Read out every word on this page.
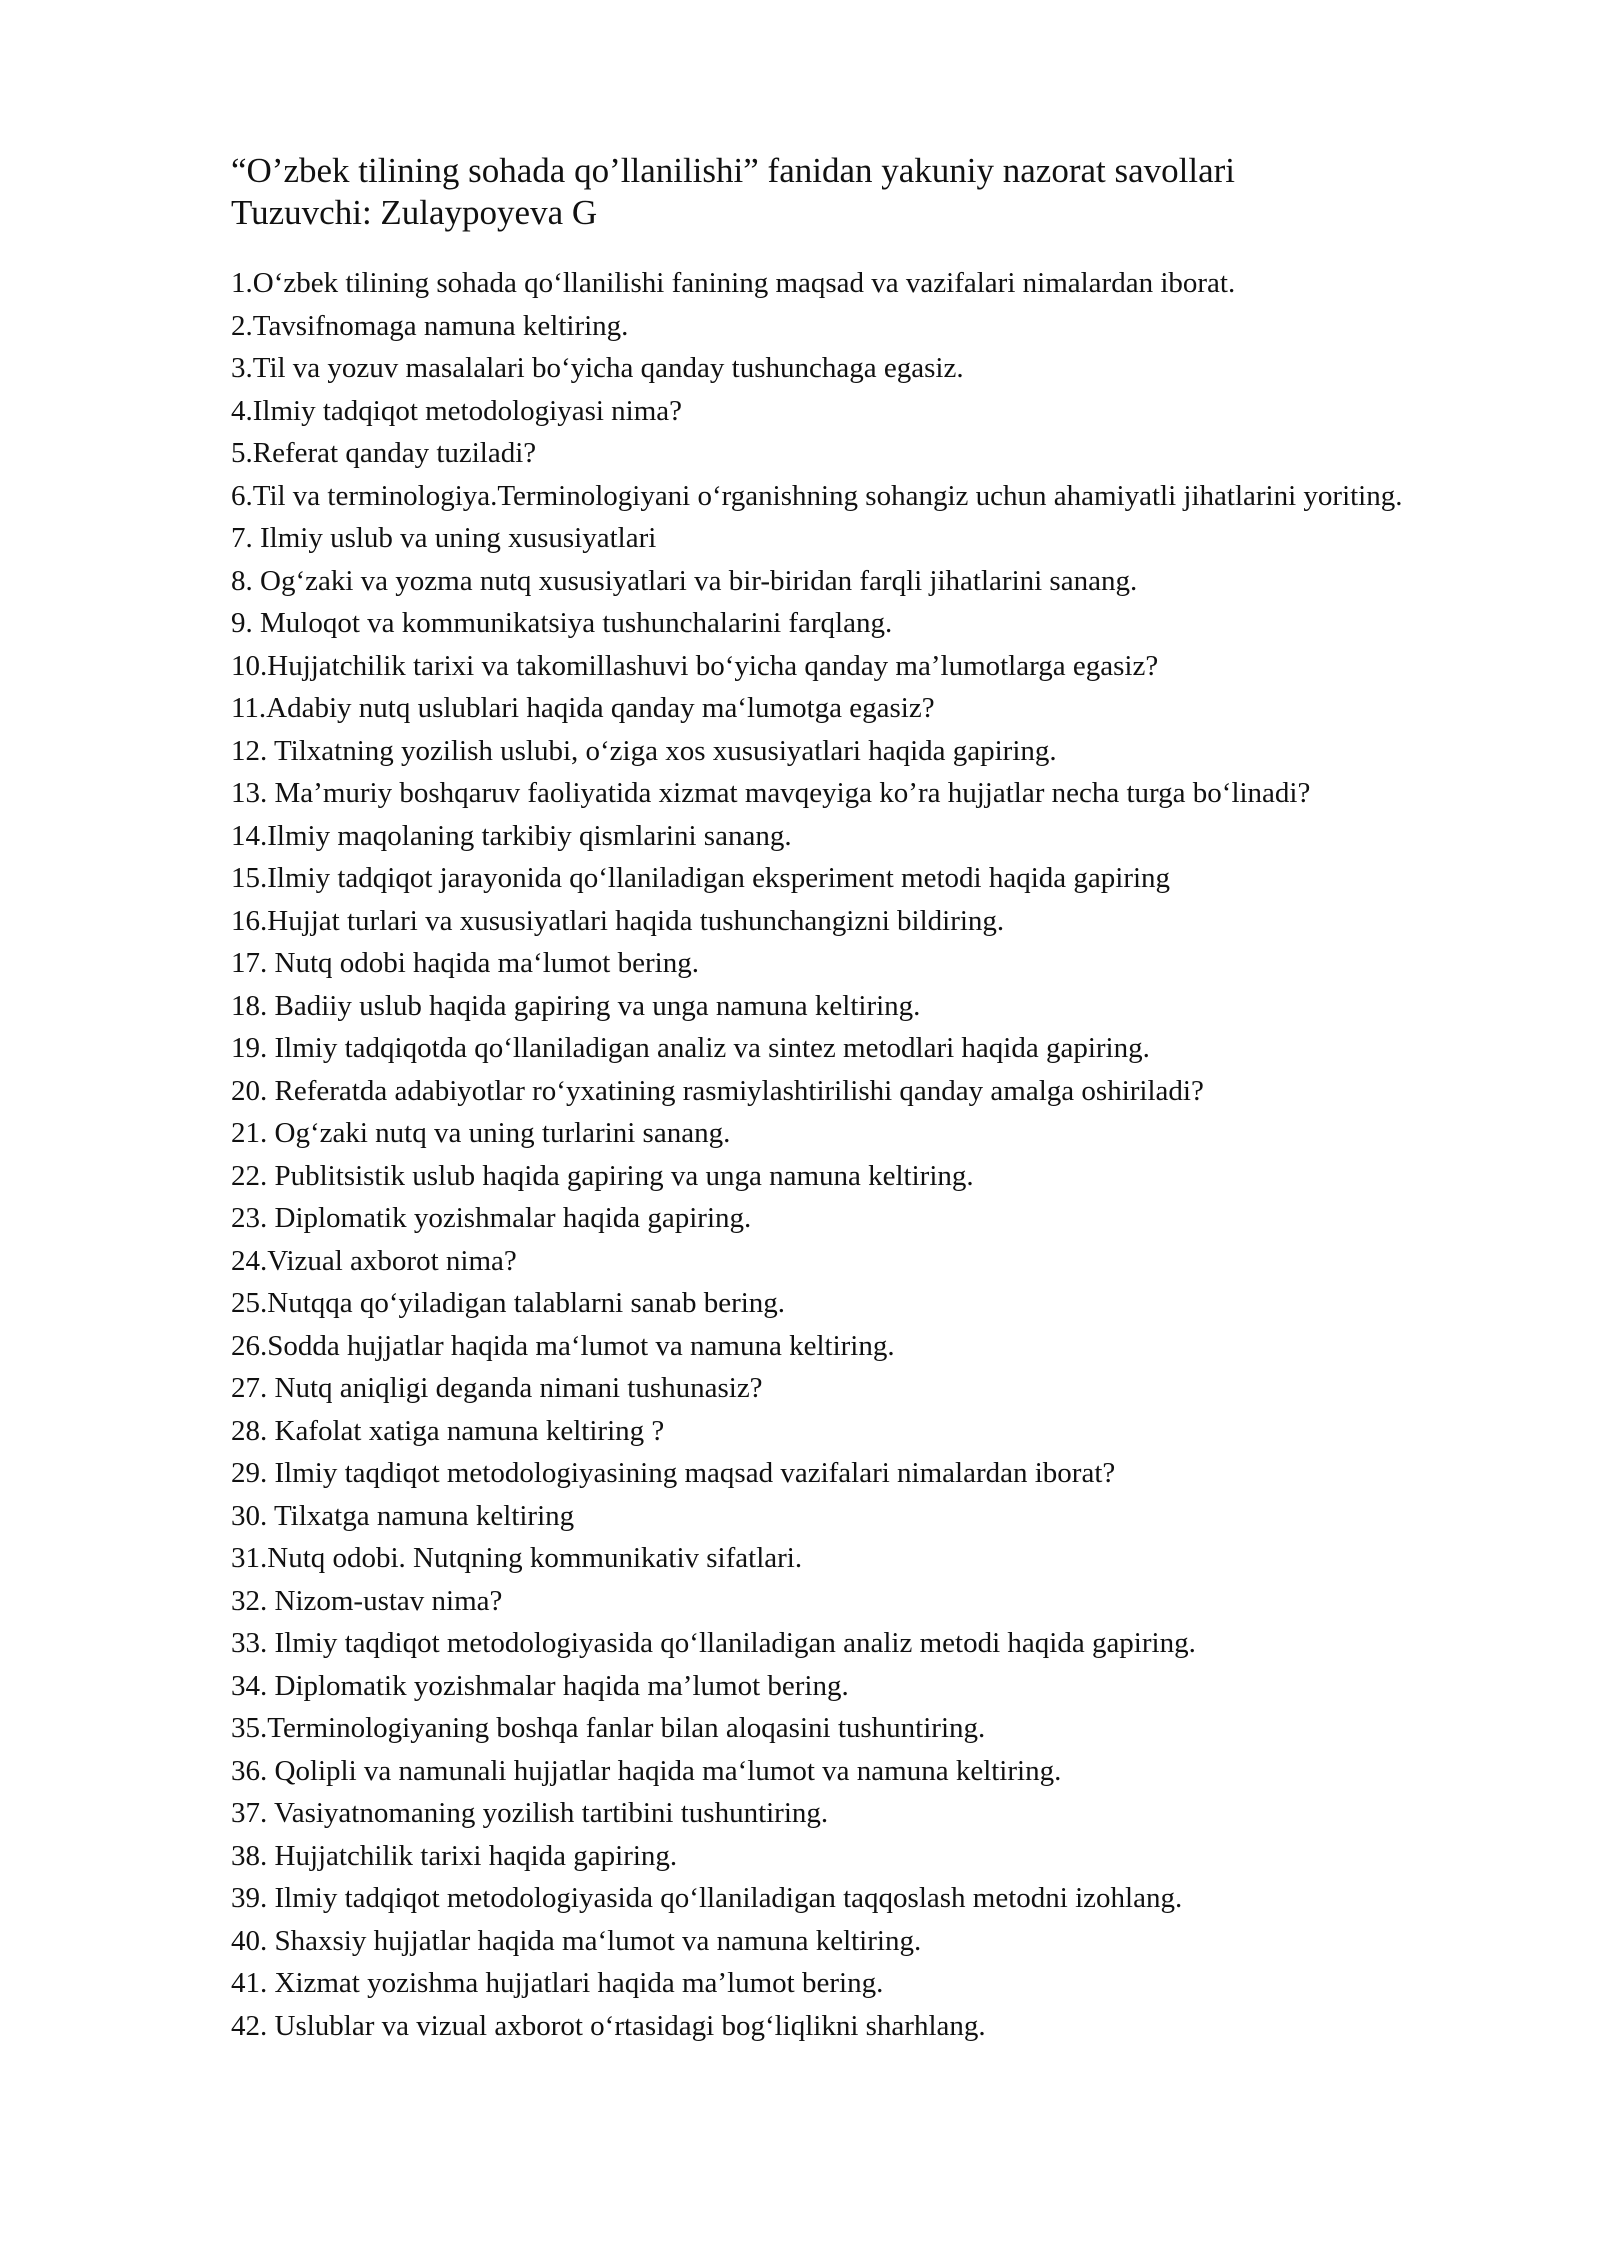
“O’zbek tilining sohada qo’llanilishi” fanidan yakuniy nazorat savollari
Tuzuvchi: Zulaypoyeva G
1.O‘zbek tilining sohada qo‘llanilishi fanining maqsad va vazifalari nimalardan iborat.
2.Tavsifnomaga namuna keltiring.
3.Til va yozuv masalalari bo‘yicha qanday tushunchaga egasiz.
4.Ilmiy tadqiqot metodologiyasi nima?
5.Referat qanday tuziladi?
6.Til va terminologiya.Terminologiyani o‘rganishning sohangiz uchun ahamiyatli jihatlarini yoriting.
7. Ilmiy uslub va uning xususiyatlari
8. Og‘zaki va yozma nutq xususiyatlari va bir-biridan farqli jihatlarini sanang.
9. Muloqot va kommunikatsiya tushunchalarini farqlang.
10.Hujjatchilik tarixi va takomillashuvi bo‘yicha qanday ma’lumotlarga egasiz?
11.Adabiy nutq uslublari haqida qanday ma‘lumotga egasiz?
12. Tilxatning yozilish uslubi, o‘ziga xos xususiyatlari haqida gapiring.
13. Ma’muriy boshqaruv faoliyatida xizmat mavqeyiga ko’ra hujjatlar necha turga bo‘linadi?
14.Ilmiy maqolaning tarkibiy qismlarini sanang.
15.Ilmiy tadqiqot jarayonida qo‘llaniladigan eksperiment metodi haqida gapiring
16.Hujjat turlari va xususiyatlari haqida tushunchangizni bildiring.
17. Nutq odobi haqida ma‘lumot bering.
18. Badiiy uslub haqida gapiring va unga namuna keltiring.
19. Ilmiy tadqiqotda qo‘llaniladigan analiz va sintez metodlari haqida gapiring.
20. Referatda adabiyotlar ro‘yxatining rasmiylashtirilishi qanday amalga oshiriladi?
21. Og‘zaki nutq va uning turlarini sanang.
22. Publitsistik uslub haqida gapiring va unga namuna keltiring.
23. Diplomatik yozishmalar haqida gapiring.
24.Vizual axborot nima?
25.Nutqqa qo‘yiladigan talablarni sanab bering.
26.Sodda hujjatlar haqida ma‘lumot va namuna keltiring.
27. Nutq aniqligi deganda nimani tushunasiz?
28. Kafolat xatiga namuna keltiring ?
29. Ilmiy taqdiqot metodologiyasining maqsad vazifalari nimalardan iborat?
30. Tilxatga namuna keltiring
31.Nutq odobi. Nutqning kommunikativ sifatlari.
32. Nizom-ustav nima?
33. Ilmiy taqdiqot metodologiyasida qo‘llaniladigan analiz metodi haqida gapiring.
34. Diplomatik yozishmalar haqida ma’lumot bering.
35.Terminologiyaning boshqa fanlar bilan aloqasini tushuntiring.
36. Qolipli va namunali hujjatlar haqida ma‘lumot va namuna keltiring.
37. Vasiyatnomaning yozilish tartibini tushuntiring.
38. Hujjatchilik tarixi haqida gapiring.
39. Ilmiy tadqiqot metodologiyasida qo‘llaniladigan taqqoslash metodni izohlang.
40. Shaxsiy hujjatlar haqida ma‘lumot va namuna keltiring.
41. Xizmat yozishma hujjatlari haqida ma’lumot bering.
42. Uslublar va vizual axborot o‘rtasidagi bog‘liqlikni sharhlang.
